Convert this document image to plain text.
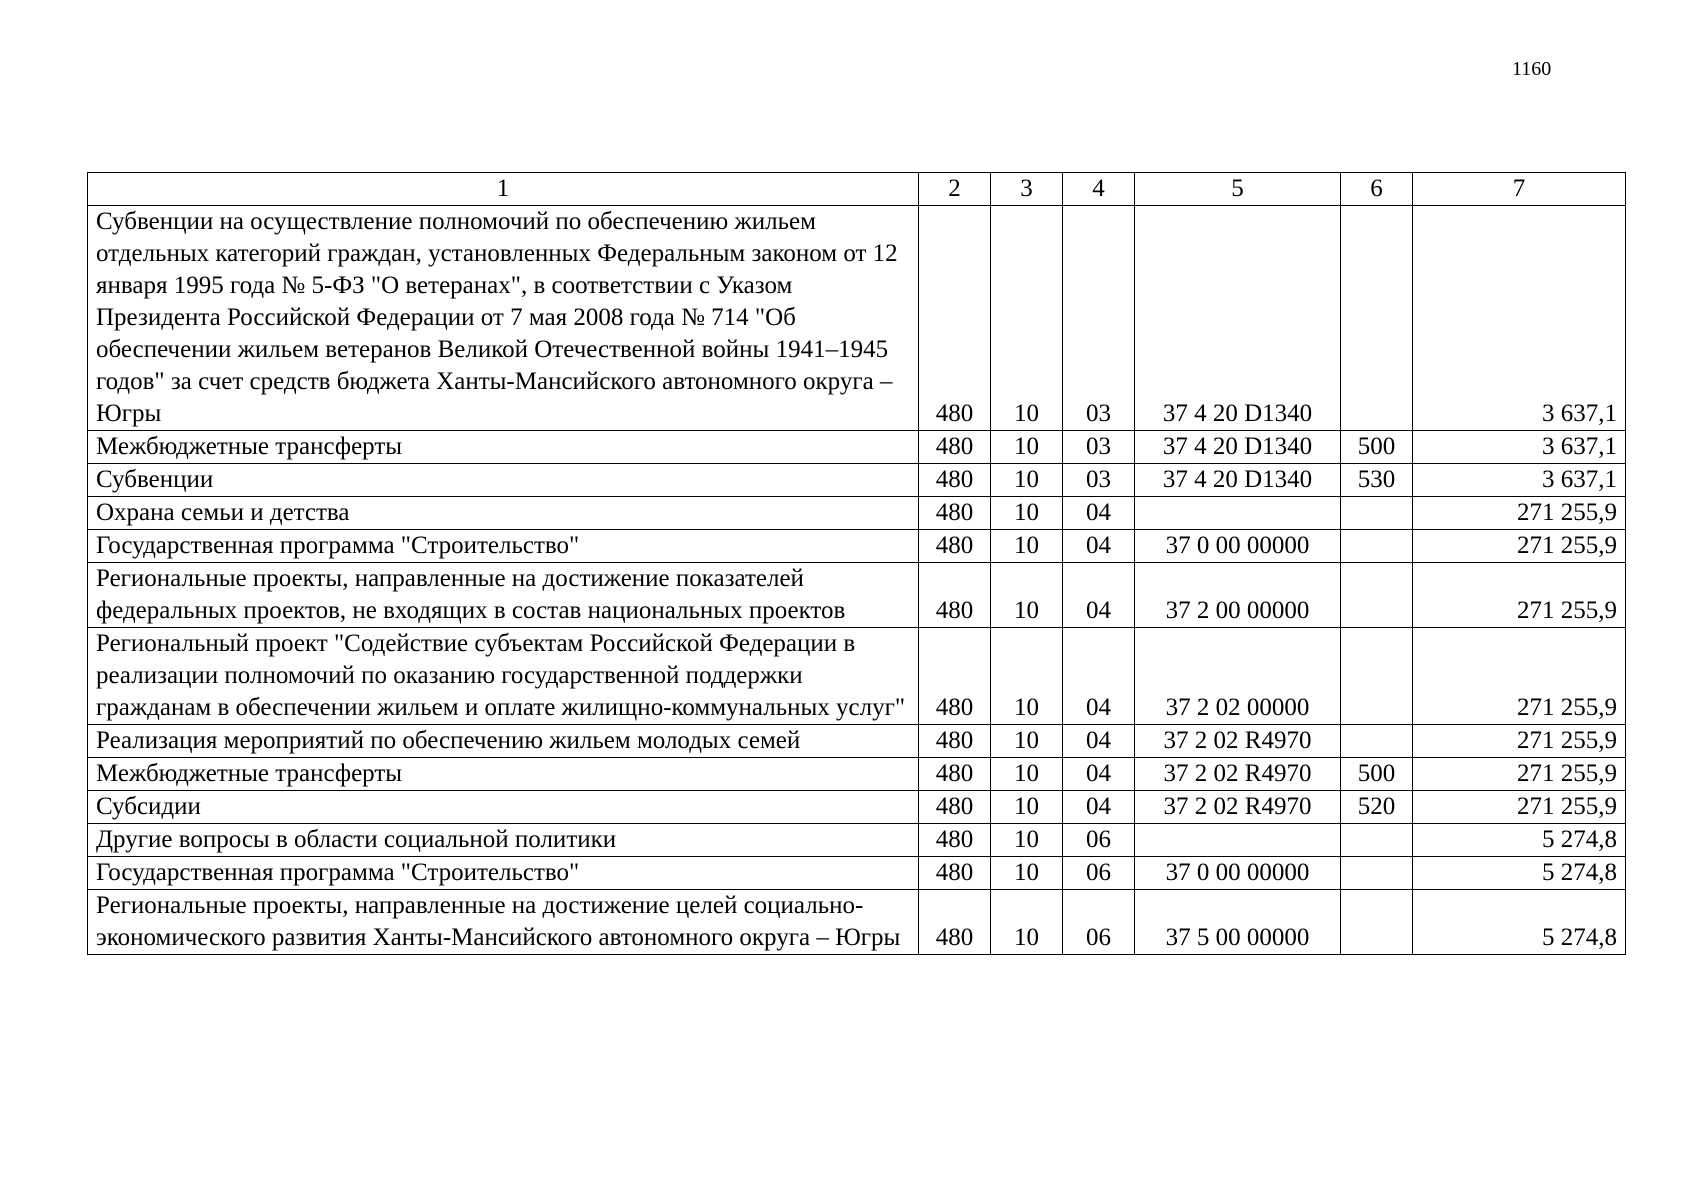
1160
1	2	3	4	5	6	7
Субвенции на осуществление полномочий по обеспечению жильем отдельных категорий граждан, установленных Федеральным законом от 12 января 1995 года № 5-ФЗ "О ветеранах", в соответствии с Указом Президента Российской Федерации от 7 мая 2008 года № 714 "Об обеспечении жильем ветеранов Великой Отечественной войны 1941–1945 годов" за счет средств бюджета Ханты-Мансийского автономного округа – Югры	480	10	03	37 4 20 D1340		3 637,1
Межбюджетные трансферты	480	10	03	37 4 20 D1340	500	3 637,1
Субвенции	480	10	03	37 4 20 D1340	530	3 637,1
Охрана семьи и детства	480	10	04			271 255,9
Государственная программа "Строительство"	480	10	04	37 0 00 00000		271 255,9
Региональные проекты, направленные на достижение показателей федеральных проектов, не входящих в состав национальных проектов	480	10	04	37 2 00 00000		271 255,9
Региональный проект "Содействие субъектам Российской Федерации в реализации полномочий по оказанию государственной поддержки гражданам в обеспечении жильем и оплате жилищно-коммунальных услуг"	480	10	04	37 2 02 00000		271 255,9
Реализация мероприятий по обеспечению жильем молодых семей	480	10	04	37 2 02 R4970		271 255,9
Межбюджетные трансферты	480	10	04	37 2 02 R4970	500	271 255,9
Субсидии	480	10	04	37 2 02 R4970	520	271 255,9
Другие вопросы в области социальной политики	480	10	06			5 274,8
Государственная программа "Строительство"	480	10	06	37 0 00 00000		5 274,8
Региональные проекты, направленные на достижение целей социально-экономического развития Ханты-Мансийского автономного округа – Югры	480	10	06	37 5 00 00000		5 274,8
